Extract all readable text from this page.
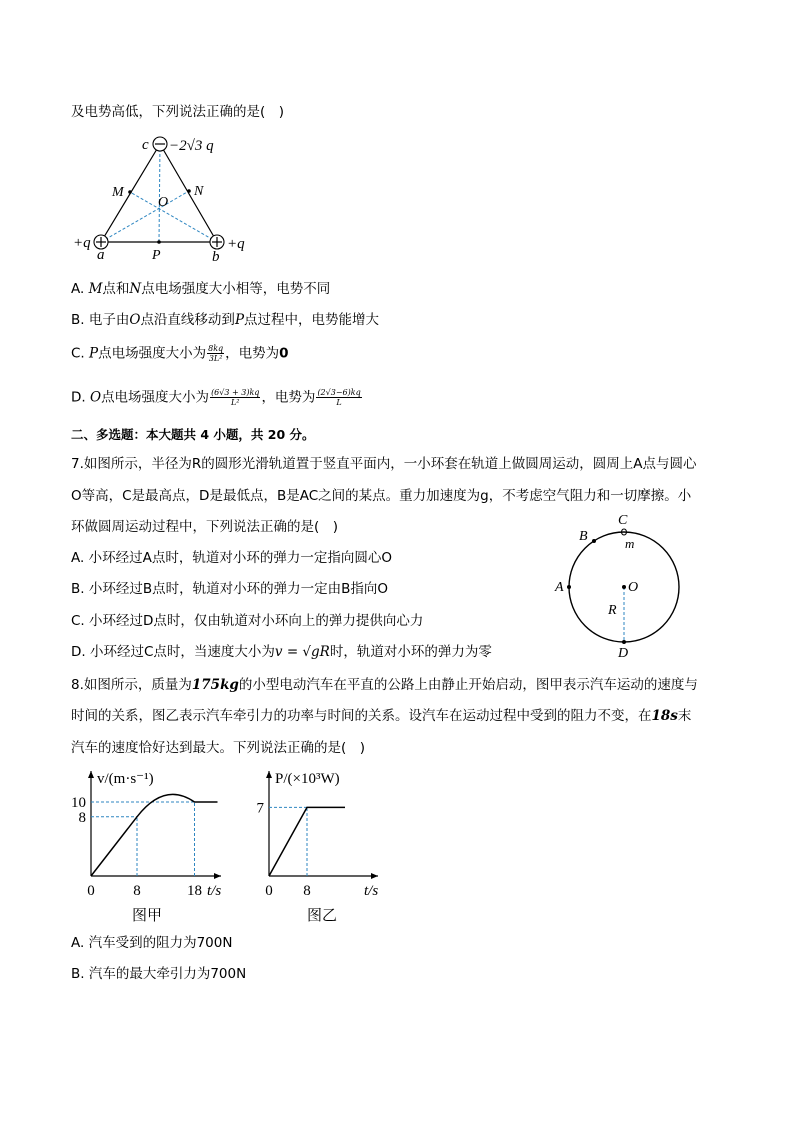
及电势高低，下列说法正确的是(　)
c −2√3 q
M	N
O
+q	+q
a	P	b
A. M点和N点电场强度大小相等，电势不同
B. 电子由O点沿直线移动到P点过程中，电势能增大
C. P点电场强度大小为 $\frac{8kq}{\text{3L²}}$ ，电势为0
D. O点电场强度大小为 $\frac{(6√3 + 3)kq}{\text{L²}}$ ，电势为 $\frac{(2√3-6)kq}{L}$
二、多选题：本大题共 4 小题，共 20 分。
7.如图所示，半径为R的圆形光滑轨道置于竖直平面内，一小环套在轨道上做圆周运动，圆周上A点与圆心
O等高，C是最高点，D是最低点，B是AC之间的某点。重力加速度为g，不考虑空气阻力和一切摩擦。小
环做圆周运动过程中，下列说法正确的是(　)
A. 小环经过A点时，轨道对小环的弹力一定指向圆心O
B. 小环经过B点时，轨道对小环的弹力一定由B指向O
C. 小环经过D点时，仅由轨道对小环向上的弹力提供向心力
D. 小环经过C点时，当速度大小为v = √gR时，轨道对小环的弹力为零
C
B	m
A	O
R
D
8.如图所示，质量为175kg的小型电动汽车在平直的公路上由静止开始启动，图甲表示汽车运动的速度与
时间的关系，图乙表示汽车牵引力的功率与时间的关系。设汽车在运动过程中受到的阻力不变，在18s末
汽车的速度恰好达到最大。下列说法正确的是(　)
8
10
0	8	18
v/(m·s⁻¹)
t/s
图甲
7
0 8
P/(×10³W)
t/s
图乙
A. 汽车受到的阻力为700N
B. 汽车的最大牵引力为700N
